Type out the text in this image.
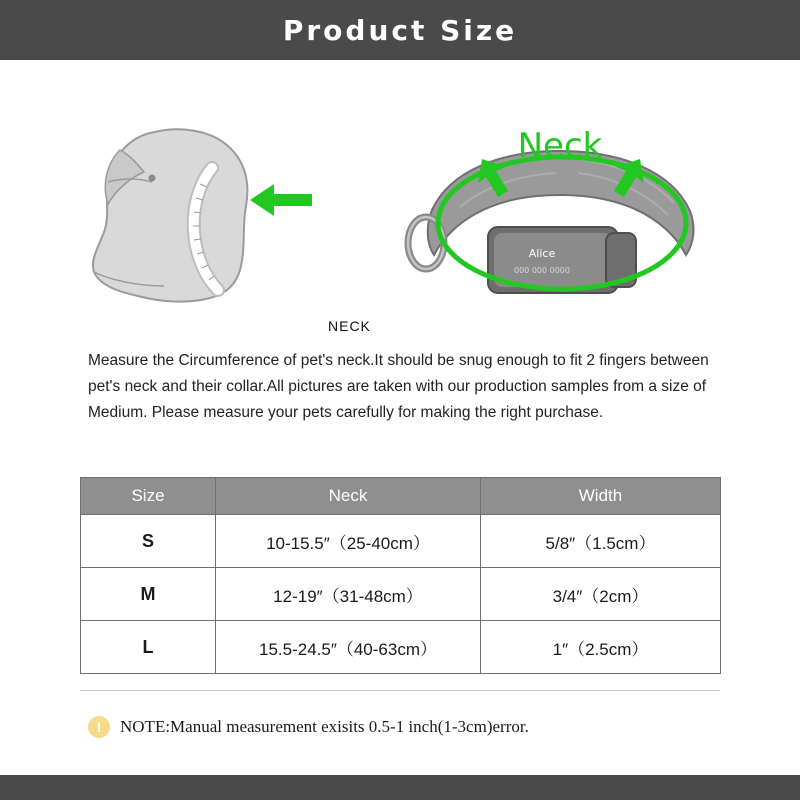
Product Size
NECK
Alice
000 000 0000
Neck
Measure the Circumference of pet's neck.It should be snug enough to fit 2 fingers between pet's neck and their collar.All pictures are taken with our production samples from a size of Medium. Please measure your pets carefully for making the right purchase.
Size	Neck	Width
S	10-15.5″（25-40cm）	5/8″（1.5cm）
M	12-19″（31-48cm）	3/4″（2cm）
L	15.5-24.5″（40-63cm）	1″（2.5cm）
!	NOTE:Manual measurement exisits 0.5-1 inch(1-3cm)error.
